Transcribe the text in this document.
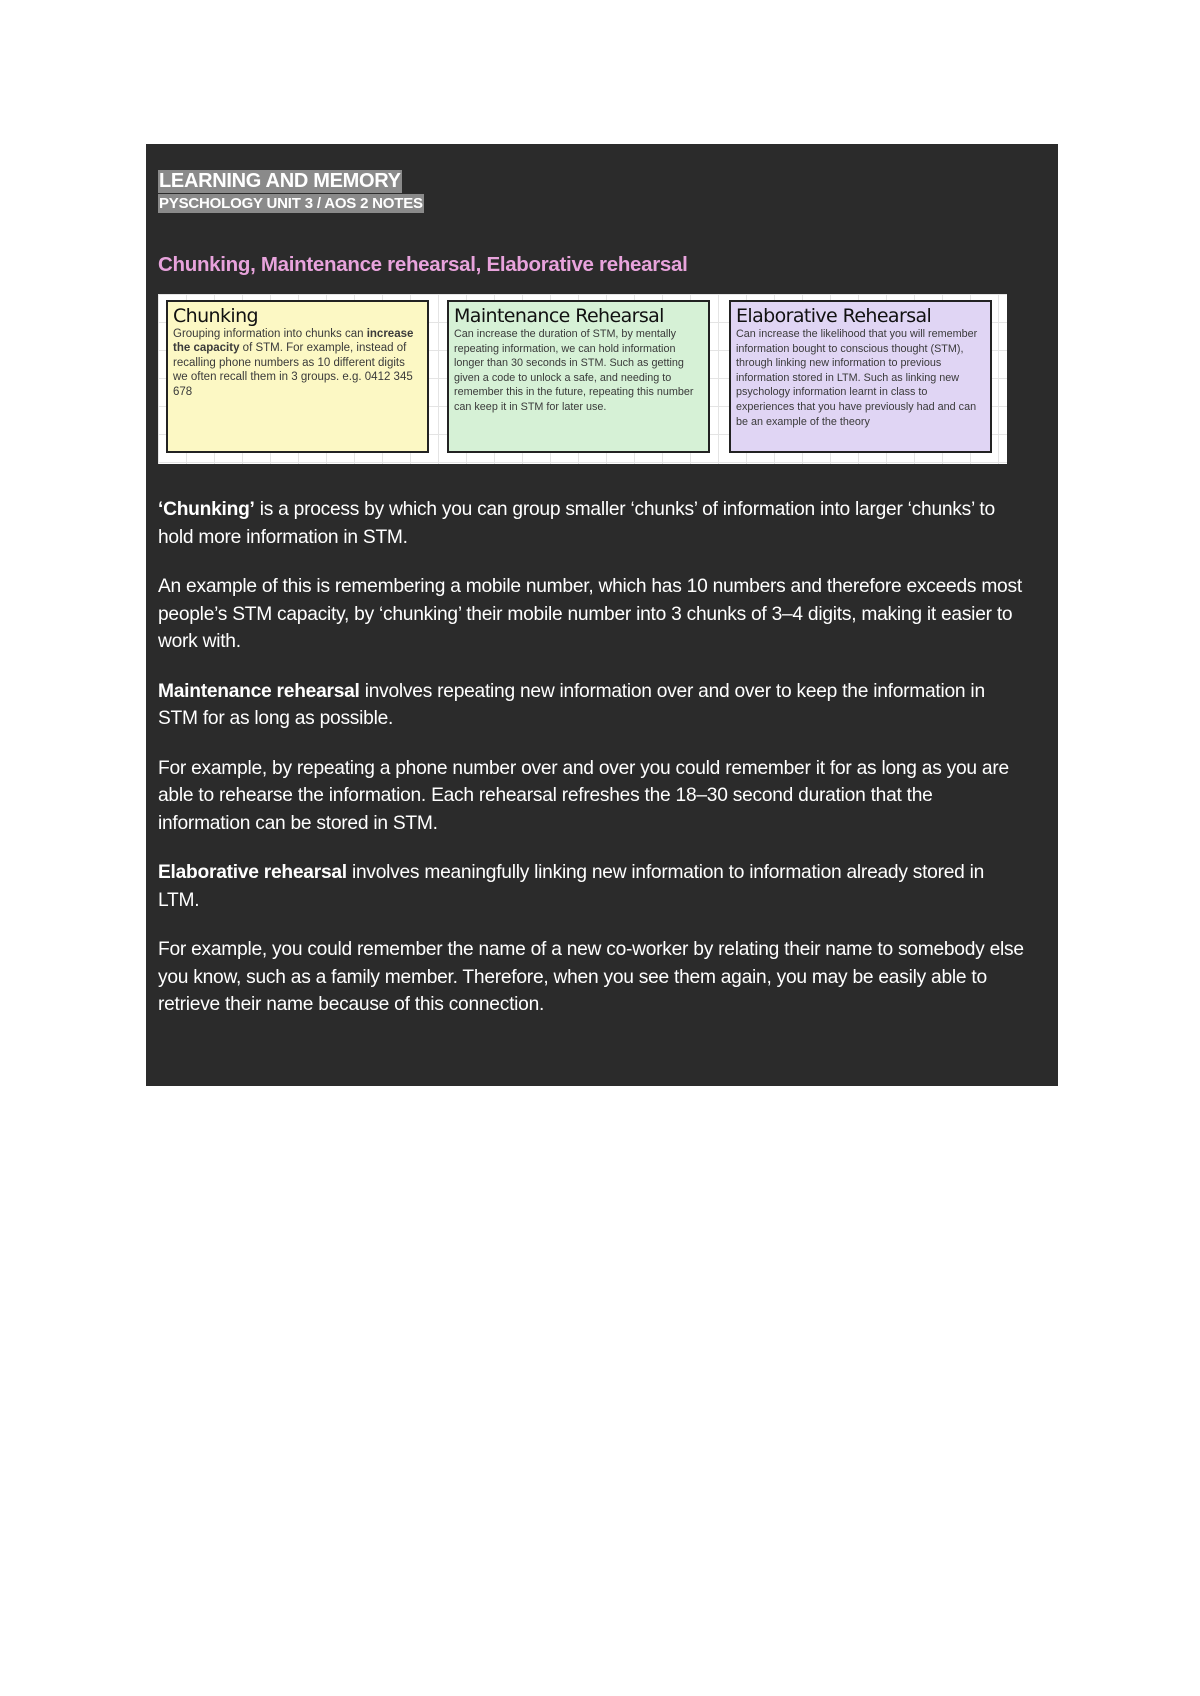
LEARNING AND MEMORY
PYSCHOLOGY UNIT 3 / AOS 2 NOTES
Chunking, Maintenance rehearsal, Elaborative rehearsal
Chunking
Grouping information into chunks can increase the capacity of STM. For example, instead of recalling phone numbers as 10 different digits we often recall them in 3 groups. e.g. 0412 345 678
Maintenance Rehearsal
Can increase the duration of STM, by mentally repeating information, we can hold information longer than 30 seconds in STM. Such as getting given a code to unlock a safe, and needing to remember this in the future, repeating this number can keep it in STM for later use.
Elaborative Rehearsal
Can increase the likelihood that you will remember information bought to conscious thought (STM), through linking new information to previous information stored in LTM. Such as linking new psychology information learnt in class to experiences that you have previously had and can be an example of the theory

‘Chunking’ is a process by which you can group smaller ‘chunks’ of information into larger ‘chunks’ to hold more information in STM.

An example of this is remembering a mobile number, which has 10 numbers and therefore exceeds most people’s STM capacity, by ‘chunking’ their mobile number into 3 chunks of 3–4 digits, making it easier to work with.

Maintenance rehearsal involves repeating new information over and over to keep the information in STM for as long as possible.

For example, by repeating a phone number over and over you could remember it for as long as you are able to rehearse the information. Each rehearsal refreshes the 18–30 second duration that the information can be stored in STM.

Elaborative rehearsal involves meaningfully linking new information to information already stored in LTM.

For example, you could remember the name of a new co-worker by relating their name to somebody else you know, such as a family member. Therefore, when you see them again, you may be easily able to retrieve their name because of this connection.
